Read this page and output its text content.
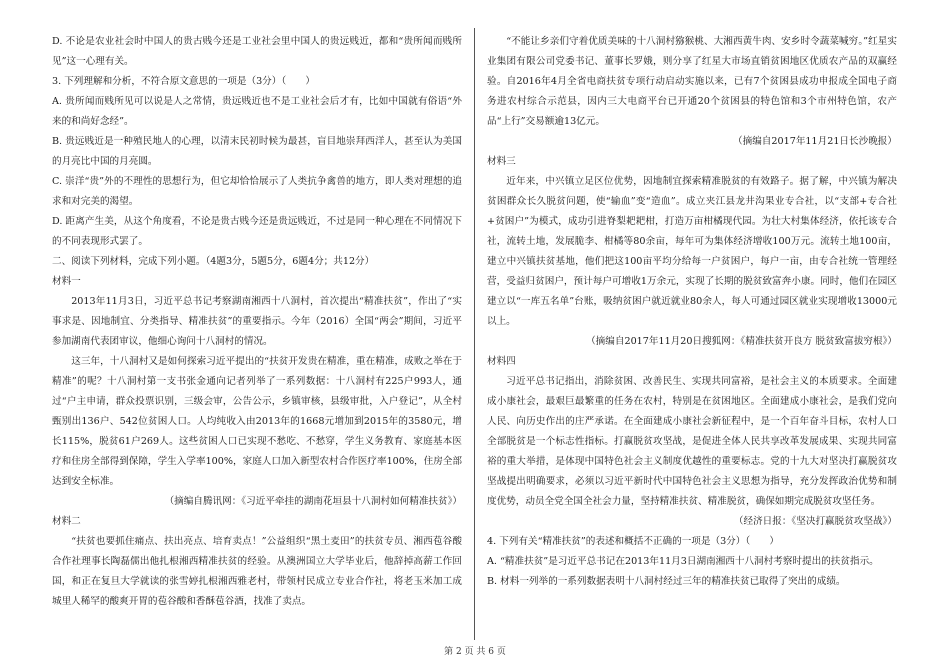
D. 不论是农业社会时中国人的贵古贱今还是工业社会里中国人的贵远贱近，都和“贵所闻而贱所见”这一心理有关。

3. 下列理解和分析，不符合原文意思的一项是（3分）（　　）

A. 贵所闻而贱所见可以说是人之常情，贵远贱近也不是工业社会后才有，比如中国就有俗语“外来的和尚好念经”。

B. 贵远贱近是一种殖民地人的心理，以清末民初时候为最甚，盲目地崇拜西洋人，甚至认为美国的月亮比中国的月亮圆。

C. 崇洋“贵”外的不理性的思想行为，但它却恰恰展示了人类抗争禽兽的地方，即人类对理想的追求和对完美的渴望。

D. 距离产生美，从这个角度看，不论是贵古贱今还是贵远贱近，不过是同一种心理在不同情况下的不同表现形式罢了。

二、阅读下列材料，完成下列小题。（4题3分，5题5分，6题4分；共12分）

材料一

2013年11月3日，习近平总书记考察湖南湘西十八洞村，首次提出“精准扶贫”，作出了“实事求是、因地制宜、分类指导、精准扶贫”的重要指示。今年（2016）全国“两会”期间，习近平参加湖南代表团审议，他细心询问十八洞村的情况。

这三年，十八洞村又是如何探索习近平提出的“扶贫开发贵在精准，重在精准，成败之举在于精准”的呢？十八洞村第一支书张金通向记者列举了一系列数据：十八洞村有225户993人，通过“户主申请，群众投票识别，三级会审，公告公示，乡镇审核，县级审批，入户登记”，从全村甄别出136户、542位贫困人口。人均纯收入由2013年的1668元增加到2015年的3580元，增长115%，脱贫61户269人。这些贫困人口已实现不愁吃、不愁穿，学生义务教育、家庭基本医疗和住房全部得到保障，学生入学率100%，家庭人口加入新型农村合作医疗率100%，住房全部达到安全标准。

（摘编自腾讯网：《习近平牵挂的湖南花垣县十八洞村如何精准扶贫》）

材料二

“扶贫也要抓住痛点、扶出亮点、培育卖点！”公益组织“黑土麦田”的扶贫专员、湘西苞谷酸合作社理事长陶磊儒出他扎根湘西精准扶贫的经验。从澳洲国立大学毕业后，他辞掉高薪工作回国，和正在复旦大学就读的张雪婷扎根湘西雅老村，带领村民成立专业合作社，将老玉米加工成城里人稀罕的酸爽开胃的苞谷酸和香酥苞谷酒，找准了卖点。

“不能让乡亲们守着优质美味的十八洞村猕猴桃、大湘西黄牛肉、安乡时令蔬菜喊穷。”红星实业集团有限公司党委书记、董事长罗娥，则分享了红星大市场直销贫困地区优质农产品的双赢经验。自2016年4月全省电商扶贫专项行动启动实施以来，已有7个贫困县成功申报成全国电子商务进农村综合示范县，因内三大电商平台已开通20个贫困县的特色馆和3个市州特色馆，农产品“上行”交易额逾13亿元。

（摘编自2017年11月21日长沙晚报）

材料三

近年来，中兴镇立足区位优势，因地制宜探索精准脱贫的有效路子。据了解，中兴镇为解决贫困群众长久脱贫问题，使“输血”变“造血”。成立夹江县龙井沟果业专合社，以“支部+专合社+贫困户”为模式，成功引进脊梨耙耙柑，打造万亩柑橘现代园。为壮大村集体经济，依托该专合社，流转土地，发展脆李、柑橘等80余亩，每年可为集体经济增收100万元。流转土地100亩，建立中兴镇扶贫基地，他们把这100亩平均分给每一户贫困户，每户一亩，由专合社统一管理经营，受益归贫困户，预计每户可增收1万余元，实现了长期的脱贫致富奔小康。同时，他们在园区建立以“一库五名单”台账，吸纳贫困户就近就业80余人，每人可通过园区就业实现增收13000元以上。

（摘编自2017年11月20日搜狐网：《精准扶贫开良方 脱贫致富拔穷根》）

材料四

习近平总书记指出，消除贫困、改善民生、实现共同富裕，是社会主义的本质要求。全面建成小康社会，最艰巨最繁重的任务在农村，特别是在贫困地区。全面建成小康社会，是我们党向人民、向历史作出的庄严承诺。在全面建成小康社会新征程中，是一个百年奋斗目标，农村人口全部脱贫是一个标志性指标。打赢脱贫攻坚战，是促进全体人民共享改革发展成果、实现共同富裕的重大举措，是体现中国特色社会主义制度优越性的重要标志。党的十九大对坚决打赢脱贫攻坚战提出明确要求，必须以习近平新时代中国特色社会主义思想为指导，充分发挥政治优势和制度优势，动员全党全国全社会力量，坚持精准扶贫、精准脱贫，确保如期完成脱贫攻坚任务。

（经济日报：《坚决打赢脱贫攻坚战》）

4. 下列有关“精准扶贫”的表述和概括不正确的一项是（3分）（　　）

A. “精准扶贫”是习近平总书记在2013年11月3日湖南湘西十八洞村考察时提出的扶贫指示。

B. 材料一列举的一系列数据表明十八洞村经过三年的精准扶贫已取得了突出的成绩。

第 2 页 共 6 页
